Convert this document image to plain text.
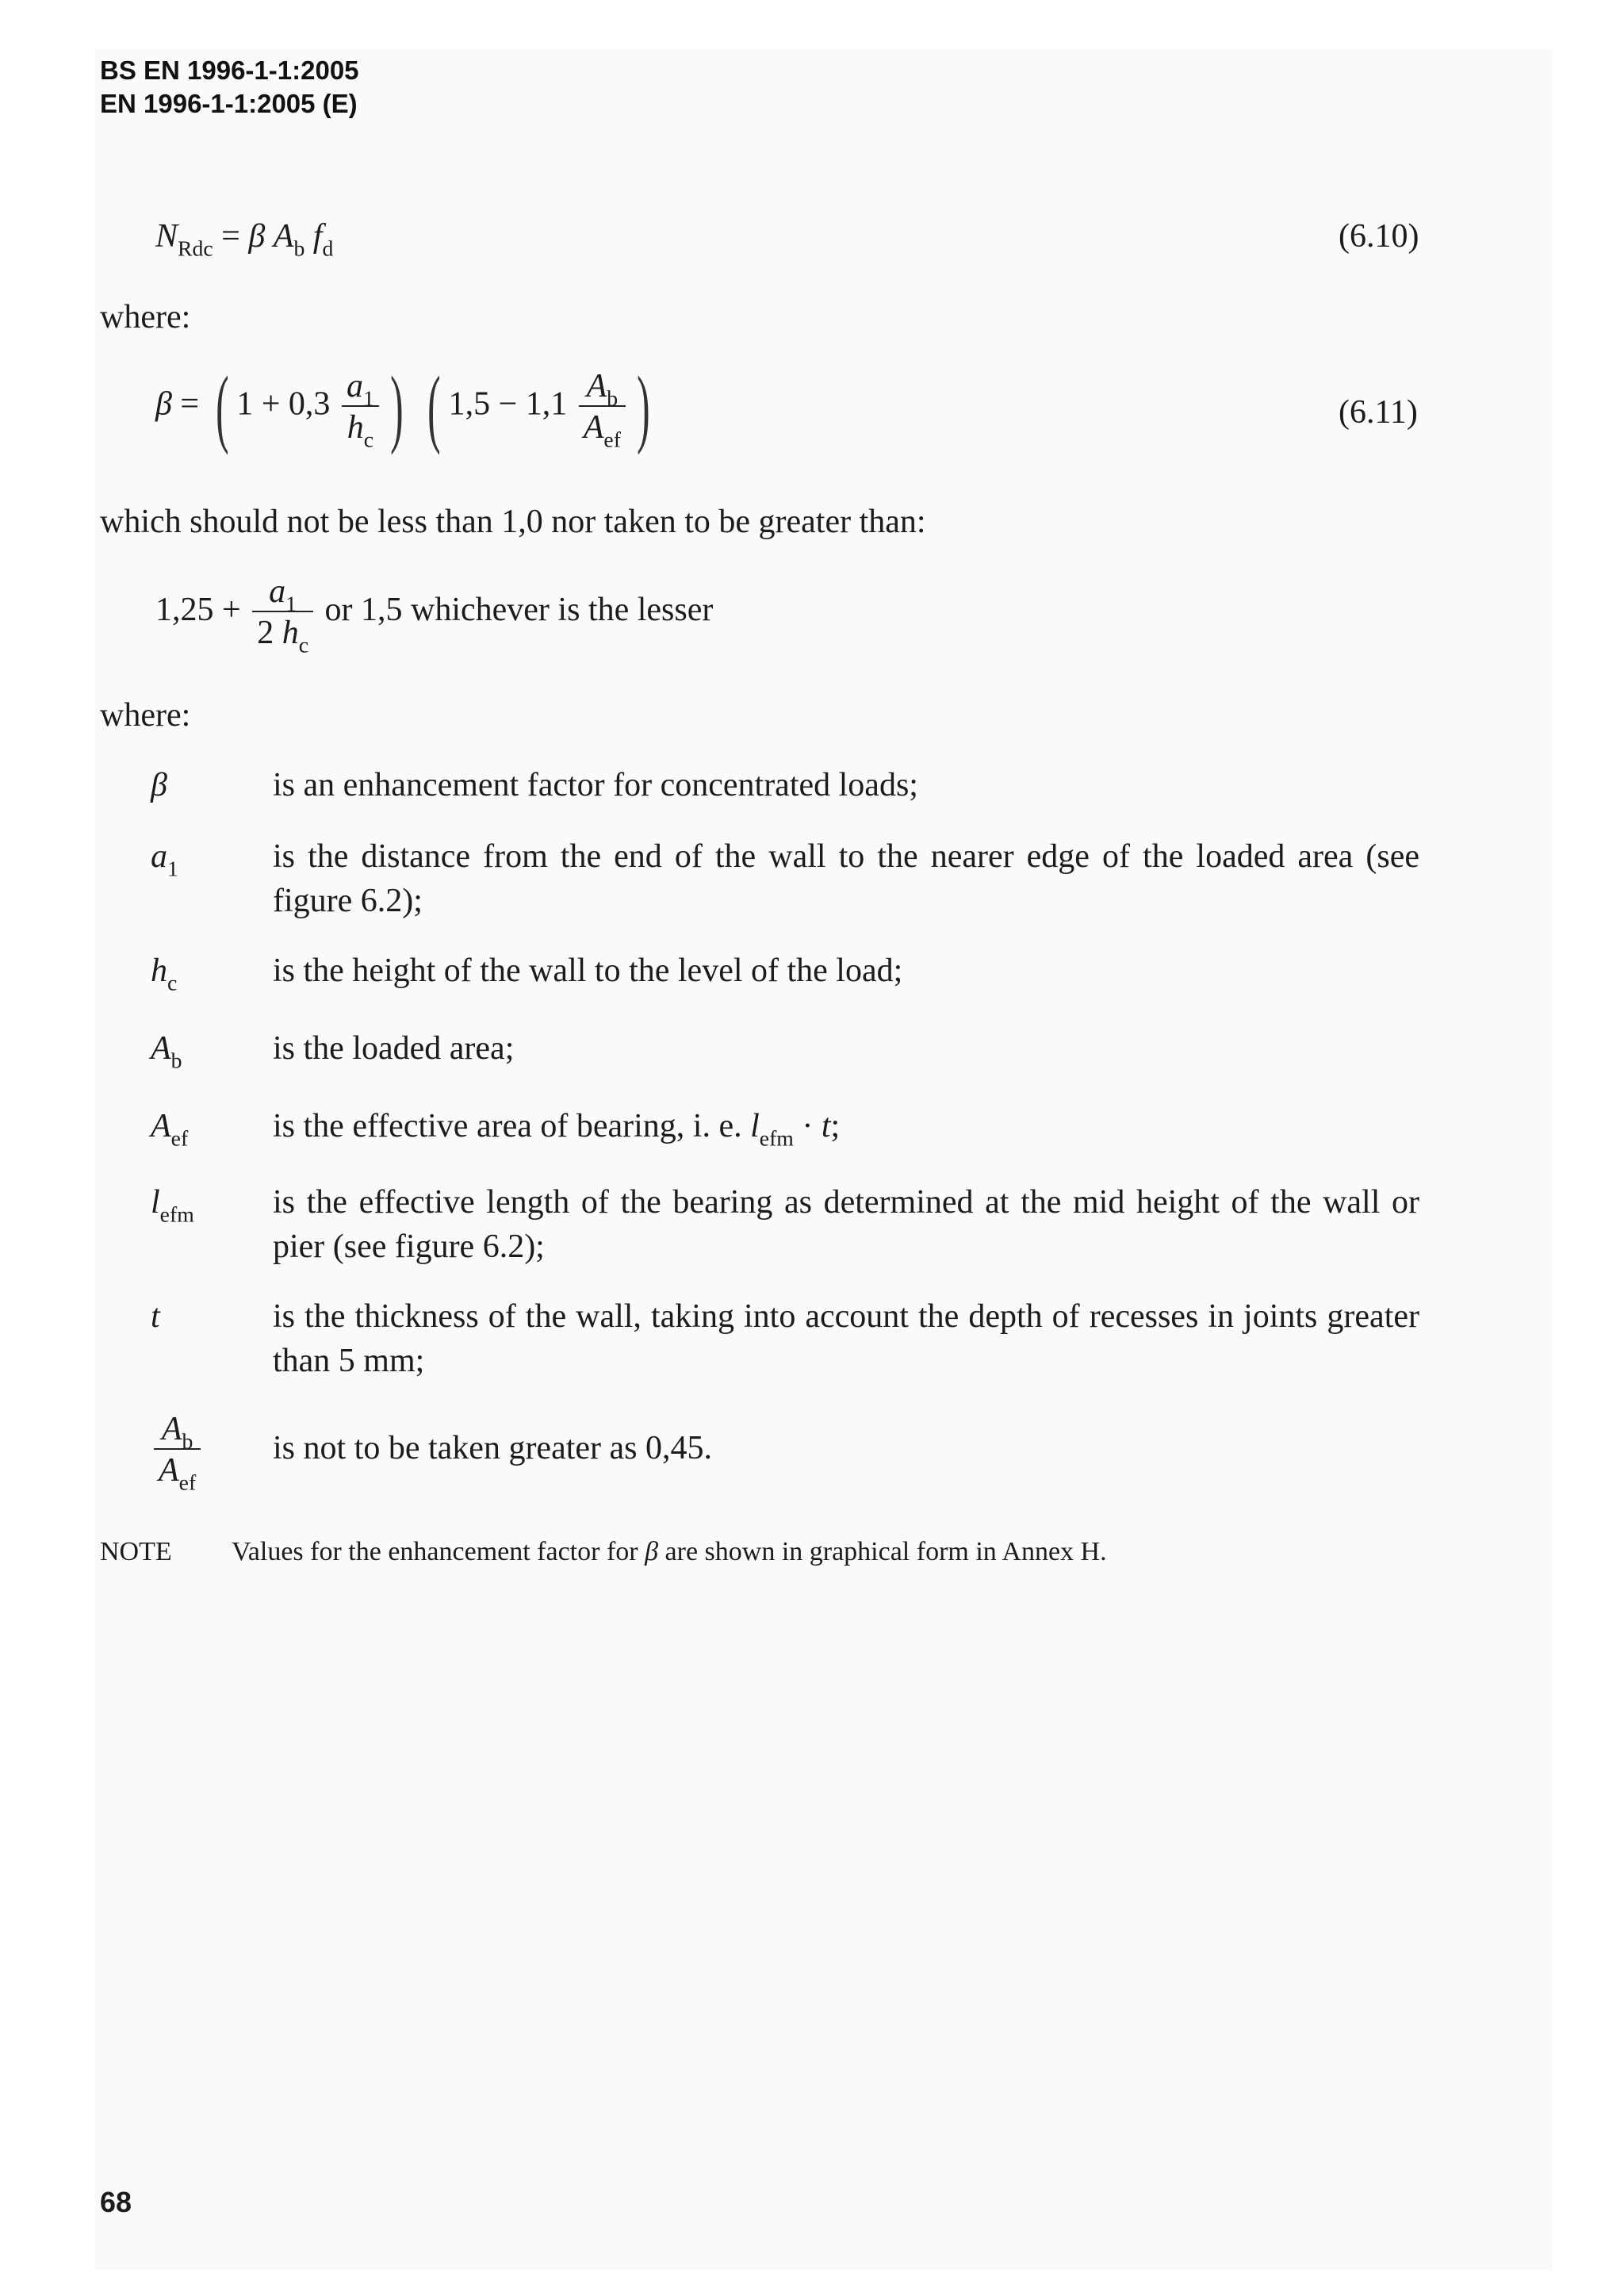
BS EN 1996-1-1:2005
EN 1996-1-1:2005 (E)
$N_{Rdc} = \beta$ $A_b$ $f_d$	(6.10)
where:
β = ( $1 + 0,3 \frac{a_1}{h_c}$ ) ( $1,5 - 1,1 \frac{A_b}{A_{ef}}$ )	(6.11)
which should not be less than 1,0 nor taken to be greater than:
$1,25 + \frac{a_1}{2 h_c}$ or 1,5 whichever is the lesser
where:
β	is an enhancement factor for concentrated loads;
$a_1$	is the distance from the end of the wall to the nearer edge of the loaded area (see figure 6.2);
$h_c$	is the height of the wall to the level of the load;
$A_b$	is the loaded area;
$A_{ef}$	is the effective area of bearing, i. e. $l_{efm} \cdot t$;
$l_{efm}$ is the effective length of the bearing as determined at the mid height of the wall or pier (see figure 6.2);
t	is the thickness of the wall, taking into account the depth of recesses in joints greater than 5 mm;
$\frac{A_b}{A_{ef}}$ is not to be taken greater as 0,45.
NOTE Values for the enhancement factor for β are shown in graphical form in Annex H.
68
